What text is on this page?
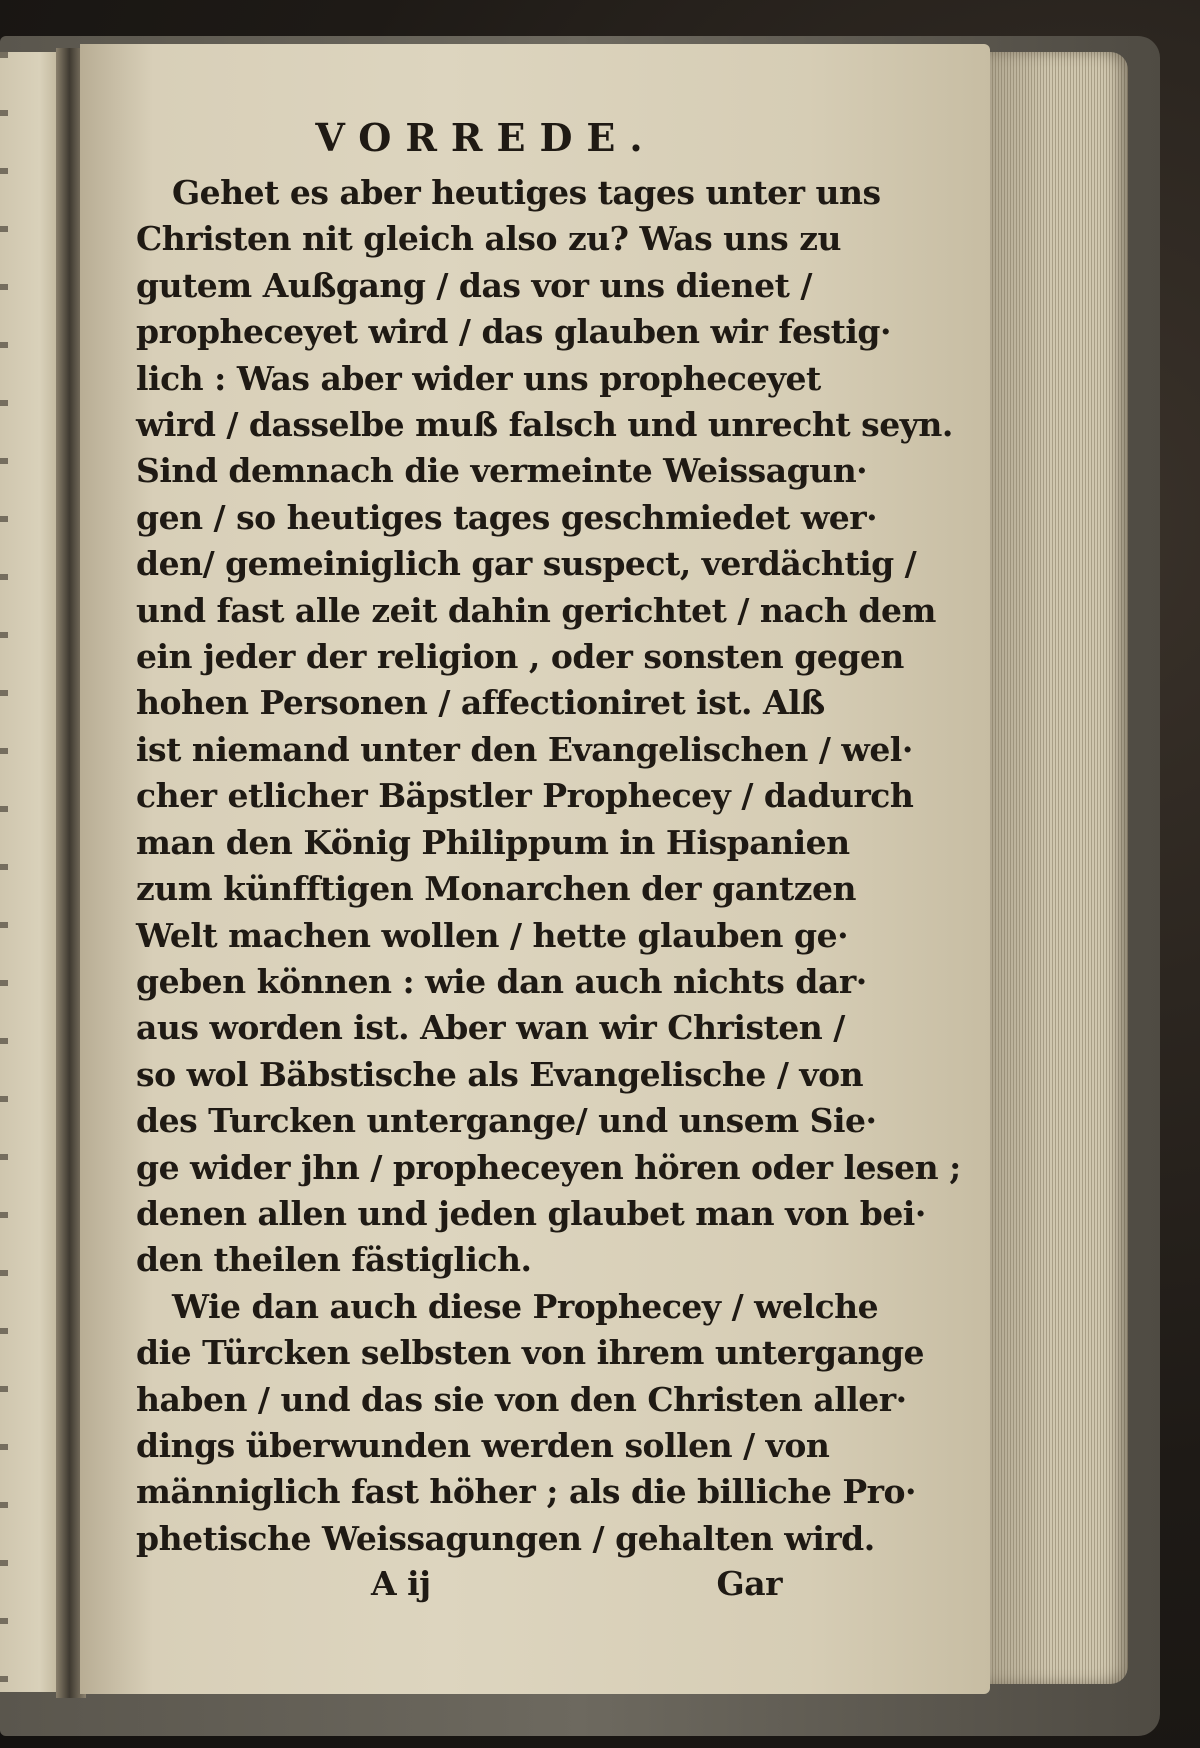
VORREDE.
Gehet es aber heutiges tages unter uns
Christen nit gleich also zu? Was uns zu
gutem Außgang / das vor uns dienet /
propheceyet wird / das glauben wir festig·
lich : Was aber wider uns propheceyet
wird / dasselbe muß falsch und unrecht seyn.
Sind demnach die vermeinte Weissagun·
gen / so heutiges tages geschmiedet wer·
den/ gemeiniglich gar suspect, verdächtig /
und fast alle zeit dahin gerichtet / nach dem
ein jeder der religion , oder sonsten gegen
hohen Personen / affectioniret ist. Alß
ist niemand unter den Evangelischen / wel·
cher etlicher Bäpstler Prophecey / dadurch
man den König Philippum in Hispanien
zum künfftigen Monarchen der gantzen
Welt machen wollen / hette glauben ge·
geben können : wie dan auch nichts dar·
aus worden ist. Aber wan wir Christen /
so wol Bäbstische als Evangelische / von
des Turcken untergange/ und unsem Sie·
ge wider jhn / propheceyen hören oder lesen ;
denen allen und jeden glaubet man von bei·
den theilen fästiglich.
Wie dan auch diese Prophecey / welche
die Türcken selbsten von ihrem untergange
haben / und das sie von den Christen aller·
dings überwunden werden sollen / von
männiglich fast höher ; als die billiche Pro·
phetische Weissagungen / gehalten wird.
A ij	Gar
